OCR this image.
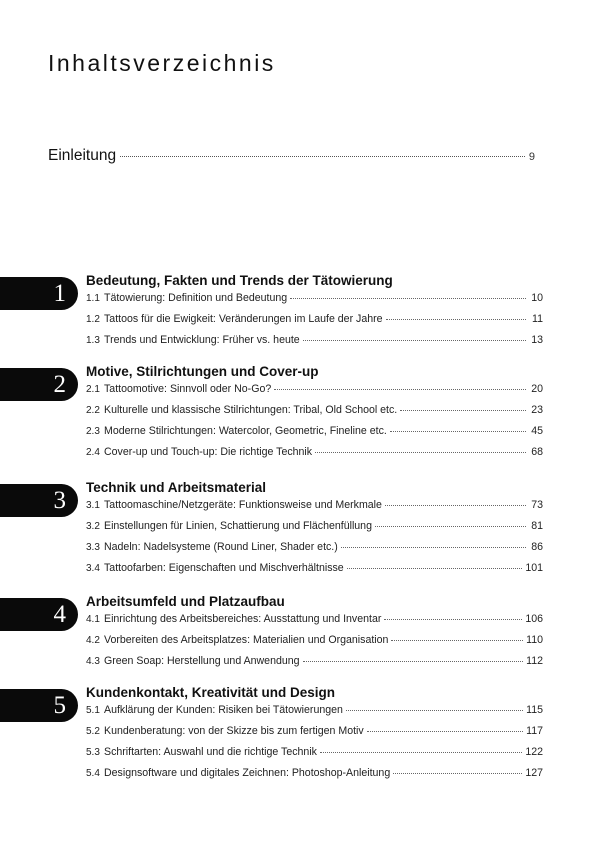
Inhaltsverzeichnis
Einleitung	9
1	Bedeutung, Fakten und Trends der Tätowierung
1.1 Tätowierung: Definition und Bedeutung	10
1.2 Tattoos für die Ewigkeit: Veränderungen im Laufe der Jahre	11
1.3 Trends und Entwicklung: Früher vs. heute	13
2	Motive, Stilrichtungen und Cover-up
2.1 Tattoomotive: Sinnvoll oder No-Go?	20
2.2 Kulturelle und klassische Stilrichtungen: Tribal, Old School etc.	23
2.3 Moderne Stilrichtungen: Watercolor, Geometric, Fineline etc.	45
2.4 Cover-up und Touch-up: Die richtige Technik	68
3	Technik und Arbeitsmaterial
3.1 Tattoomaschine/Netzgeräte: Funktionsweise und Merkmale	73
3.2 Einstellungen für Linien, Schattierung und Flächenfüllung	81
3.3 Nadeln: Nadelsysteme (Round Liner, Shader etc.)	86
3.4 Tattoofarben: Eigenschaften und Mischverhältnisse	101
4	Arbeitsumfeld und Platzaufbau
4.1 Einrichtung des Arbeitsbereiches: Ausstattung und Inventar	106
4.2 Vorbereiten des Arbeitsplatzes: Materialien und Organisation	110
4.3 Green Soap: Herstellung und Anwendung	112
5	Kundenkontakt, Kreativität und Design
5.1 Aufklärung der Kunden: Risiken bei Tätowierungen	115
5.2 Kundenberatung: von der Skizze bis zum fertigen Motiv	117
5.3 Schriftarten: Auswahl und die richtige Technik	122
5.4 Designsoftware und digitales Zeichnen: Photoshop-Anleitung	127
